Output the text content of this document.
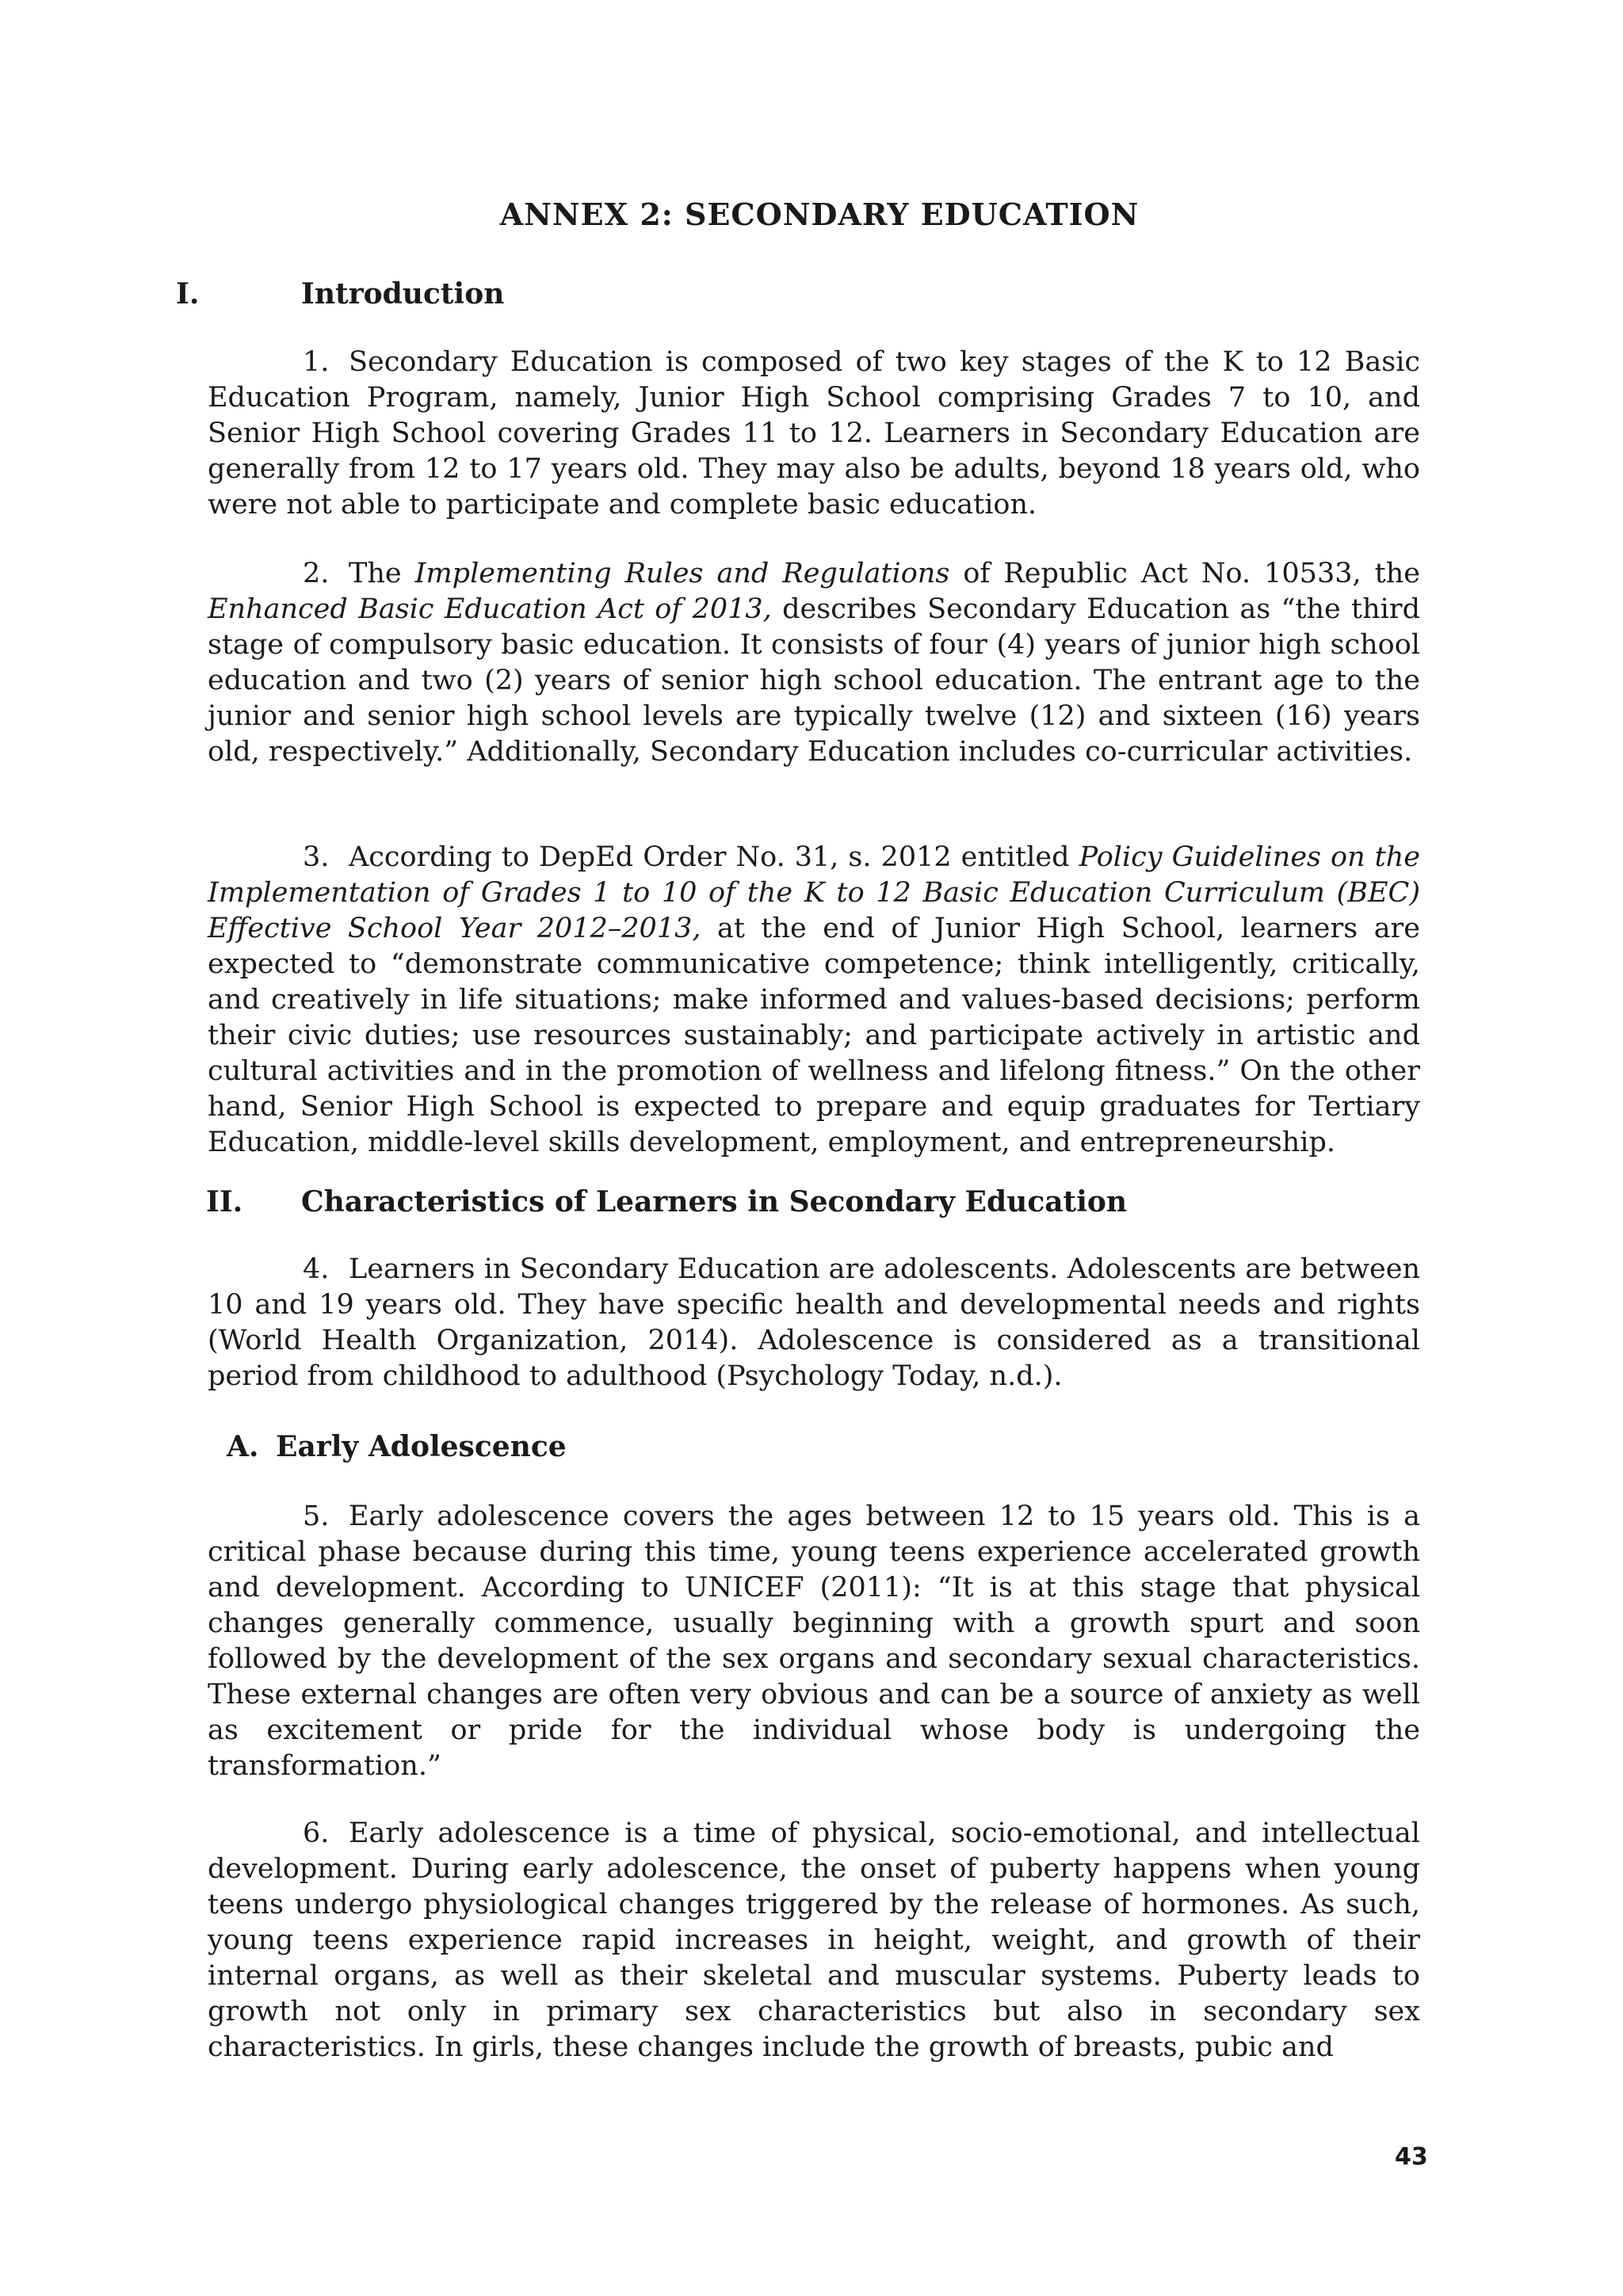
ANNEX 2: SECONDARY EDUCATION
I.	Introduction
1. Secondary Education is composed of two key stages of the K to 12 Basic Education Program, namely, Junior High School comprising Grades 7 to 10, and Senior High School covering Grades 11 to 12. Learners in Secondary Education are generally from 12 to 17 years old. They may also be adults, beyond 18 years old, who were not able to participate and complete basic education.
2. The Implementing Rules and Regulations of Republic Act No. 10533, the Enhanced Basic Education Act of 2013, describes Secondary Education as “the third stage of compulsory basic education. It consists of four (4) years of junior high school education and two (2) years of senior high school education. The entrant age to the junior and senior high school levels are typically twelve (12) and sixteen (16) years old, respectively.” Additionally, Secondary Education includes co-curricular activities.
3. According to DepEd Order No. 31, s. 2012 entitled Policy Guidelines on the Implementation of Grades 1 to 10 of the K to 12 Basic Education Curriculum (BEC) Effective School Year 2012–2013, at the end of Junior High School, learners are expected to “demonstrate communicative competence; think intelligently, critically, and creatively in life situations; make informed and values-based decisions; perform their civic duties; use resources sustainably; and participate actively in artistic and cultural activities and in the promotion of wellness and lifelong fitness.” On the other hand, Senior High School is expected to prepare and equip graduates for Tertiary Education, middle-level skills development, employment, and entrepreneurship.
II.	Characteristics of Learners in Secondary Education
4. Learners in Secondary Education are adolescents. Adolescents are between 10 and 19 years old. They have specific health and developmental needs and rights (World Health Organization, 2014). Adolescence is considered as a transitional period from childhood to adulthood (Psychology Today, n.d.).
A. Early Adolescence
5. Early adolescence covers the ages between 12 to 15 years old. This is a critical phase because during this time, young teens experience accelerated growth and development. According to UNICEF (2011): “It is at this stage that physical changes generally commence, usually beginning with a growth spurt and soon followed by the development of the sex organs and secondary sexual characteristics. These external changes are often very obvious and can be a source of anxiety as well as excitement or pride for the individual whose body is undergoing the transformation.”
6. Early adolescence is a time of physical, socio-emotional, and intellectual development. During early adolescence, the onset of puberty happens when young teens undergo physiological changes triggered by the release of hormones. As such, young teens experience rapid increases in height, weight, and growth of their internal organs, as well as their skeletal and muscular systems. Puberty leads to growth not only in primary sex characteristics but also in secondary sex characteristics. In girls, these changes include the growth of breasts, pubic and
43
